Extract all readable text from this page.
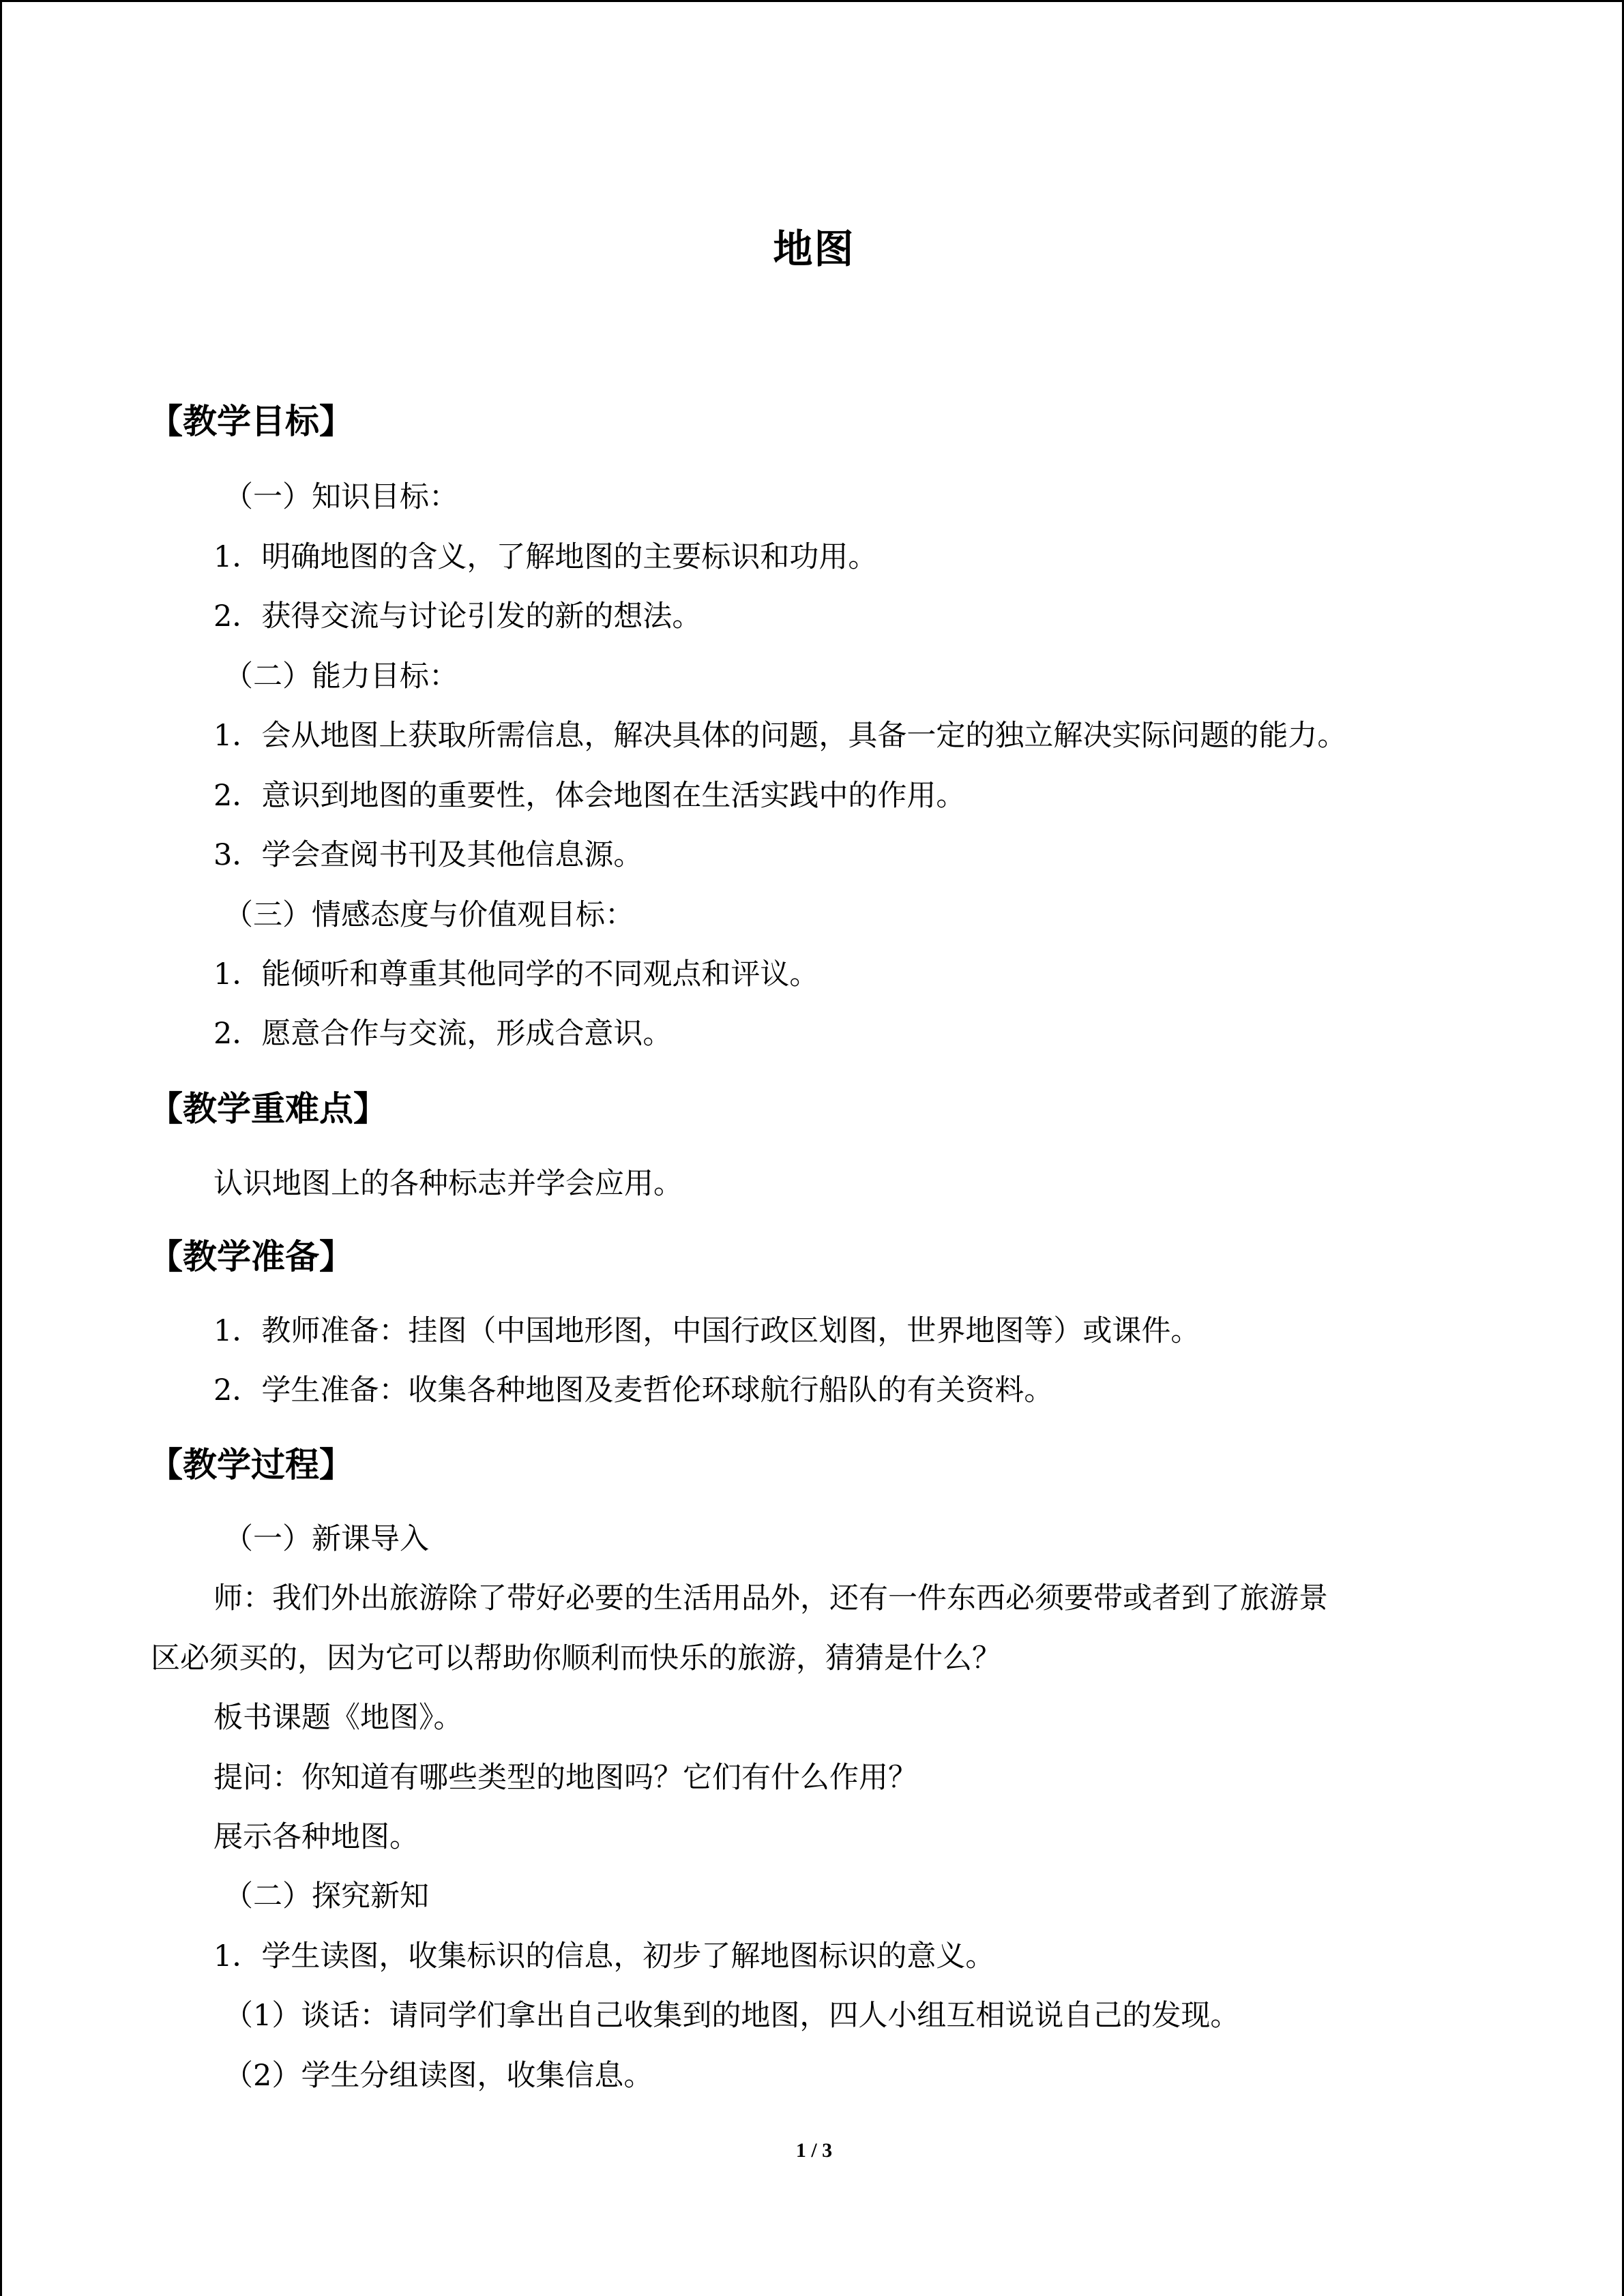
地图
【教学目标】
（一）知识目标：
1．明确地图的含义，了解地图的主要标识和功用。
2．获得交流与讨论引发的新的想法。
（二）能力目标：
1．会从地图上获取所需信息，解决具体的问题，具备一定的独立解决实际问题的能力。
2．意识到地图的重要性，体会地图在生活实践中的作用。
3．学会查阅书刊及其他信息源。
（三）情感态度与价值观目标：
1．能倾听和尊重其他同学的不同观点和评议。
2．愿意合作与交流，形成合意识。
【教学重难点】
认识地图上的各种标志并学会应用。
【教学准备】
1．教师准备：挂图（中国地形图，中国行政区划图，世界地图等）或课件。
2．学生准备：收集各种地图及麦哲伦环球航行船队的有关资料。
【教学过程】
（一）新课导入
师：我们外出旅游除了带好必要的生活用品外，还有一件东西必须要带或者到了旅游景
区必须买的，因为它可以帮助你顺利而快乐的旅游，猜猜是什么？
板书课题《地图》。
提问：你知道有哪些类型的地图吗？它们有什么作用？
展示各种地图。
（二）探究新知
1．学生读图，收集标识的信息，初步了解地图标识的意义。
（1）谈话：请同学们拿出自己收集到的地图，四人小组互相说说自己的发现。
（2）学生分组读图，收集信息。
1 / 3
